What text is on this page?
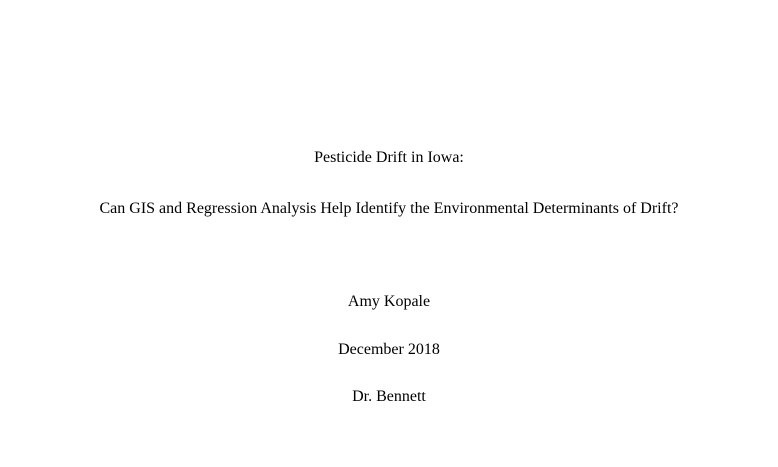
Pesticide Drift in Iowa:
Can GIS and Regression Analysis Help Identify the Environmental Determinants of Drift?
Amy Kopale
December 2018
Dr. Bennett
